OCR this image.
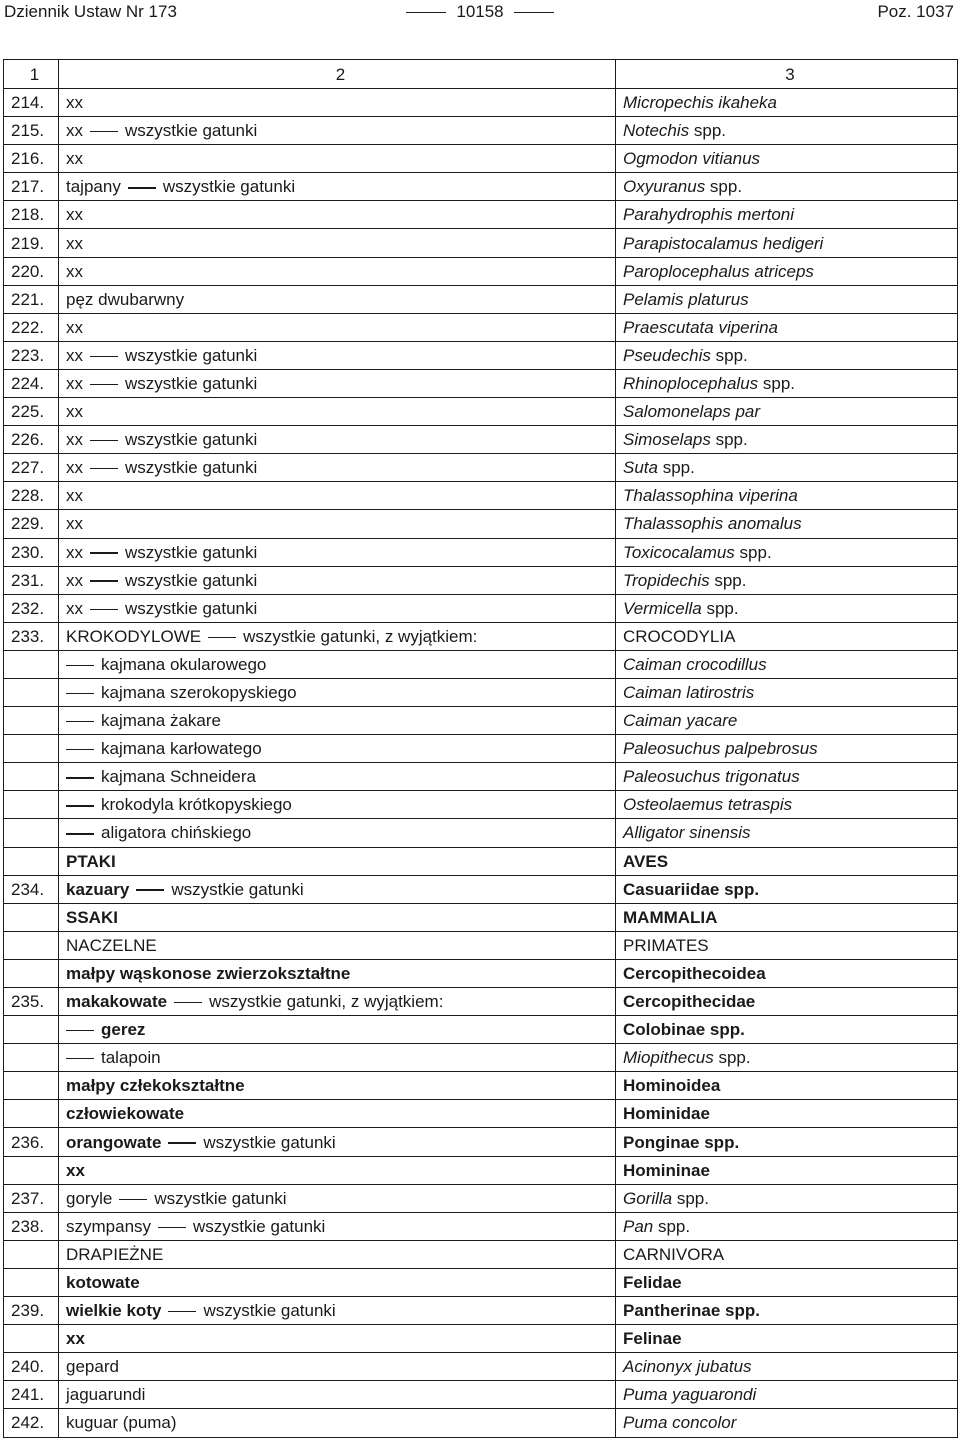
Dziennik Ustaw Nr 173	10158	Poz. 1037
1	2	3
214.	xx	Micropechis ikaheka
215.	xx wszystkie gatunki	Notechis spp.
216.	xx	Ogmodon vitianus
217.	tajpany wszystkie gatunki	Oxyuranus spp.
218.	xx	Parahydrophis mertoni
219.	xx	Parapistocalamus hedigeri
220.	xx	Paroplocephalus atriceps
221.	pęz dwubarwny	Pelamis platurus
222.	xx	Praescutata viperina
223.	xx wszystkie gatunki	Pseudechis spp.
224.	xx wszystkie gatunki	Rhinoplocephalus spp.
225.	xx	Salomonelaps par
226.	xx wszystkie gatunki	Simoselaps spp.
227.	xx wszystkie gatunki	Suta spp.
228.	xx	Thalassophina viperina
229.	xx	Thalassophis anomalus
230.	xx wszystkie gatunki	Toxicocalamus spp.
231.	xx wszystkie gatunki	Tropidechis spp.
232.	xx wszystkie gatunki	Vermicella spp.
233.	KROKODYLOWE wszystkie gatunki, z wyjątkiem:	CROCODYLIA
	kajmana okularowego	Caiman crocodillus
	kajmana szerokopyskiego	Caiman latirostris
	kajmana żakare	Caiman yacare
	kajmana karłowatego	Paleosuchus palpebrosus
	kajmana Schneidera	Paleosuchus trigonatus
	krokodyla krótkopyskiego	Osteolaemus tetraspis
	aligatora chińskiego	Alligator sinensis
	PTAKI	AVES
234.	kazuary wszystkie gatunki	Casuariidae spp.
	SSAKI	MAMMALIA
	NACZELNE	PRIMATES
	małpy wąskonose zwierzokształtne	Cercopithecoidea
235.	makakowate wszystkie gatunki, z wyjątkiem:	Cercopithecidae
	gerez	Colobinae spp.
	talapoin	Miopithecus spp.
	małpy człekokształtne	Hominoidea
	człowiekowate	Hominidae
236.	orangowate wszystkie gatunki	Ponginae spp.
	xx	Homininae
237.	goryle wszystkie gatunki	Gorilla spp.
238.	szympansy wszystkie gatunki	Pan spp.
	DRAPIEŻNE	CARNIVORA
	kotowate	Felidae
239.	wielkie koty wszystkie gatunki	Pantherinae spp.
	xx	Felinae
240.	gepard	Acinonyx jubatus
241.	jaguarundi	Puma yaguarondi
242.	kuguar (puma)	Puma concolor
